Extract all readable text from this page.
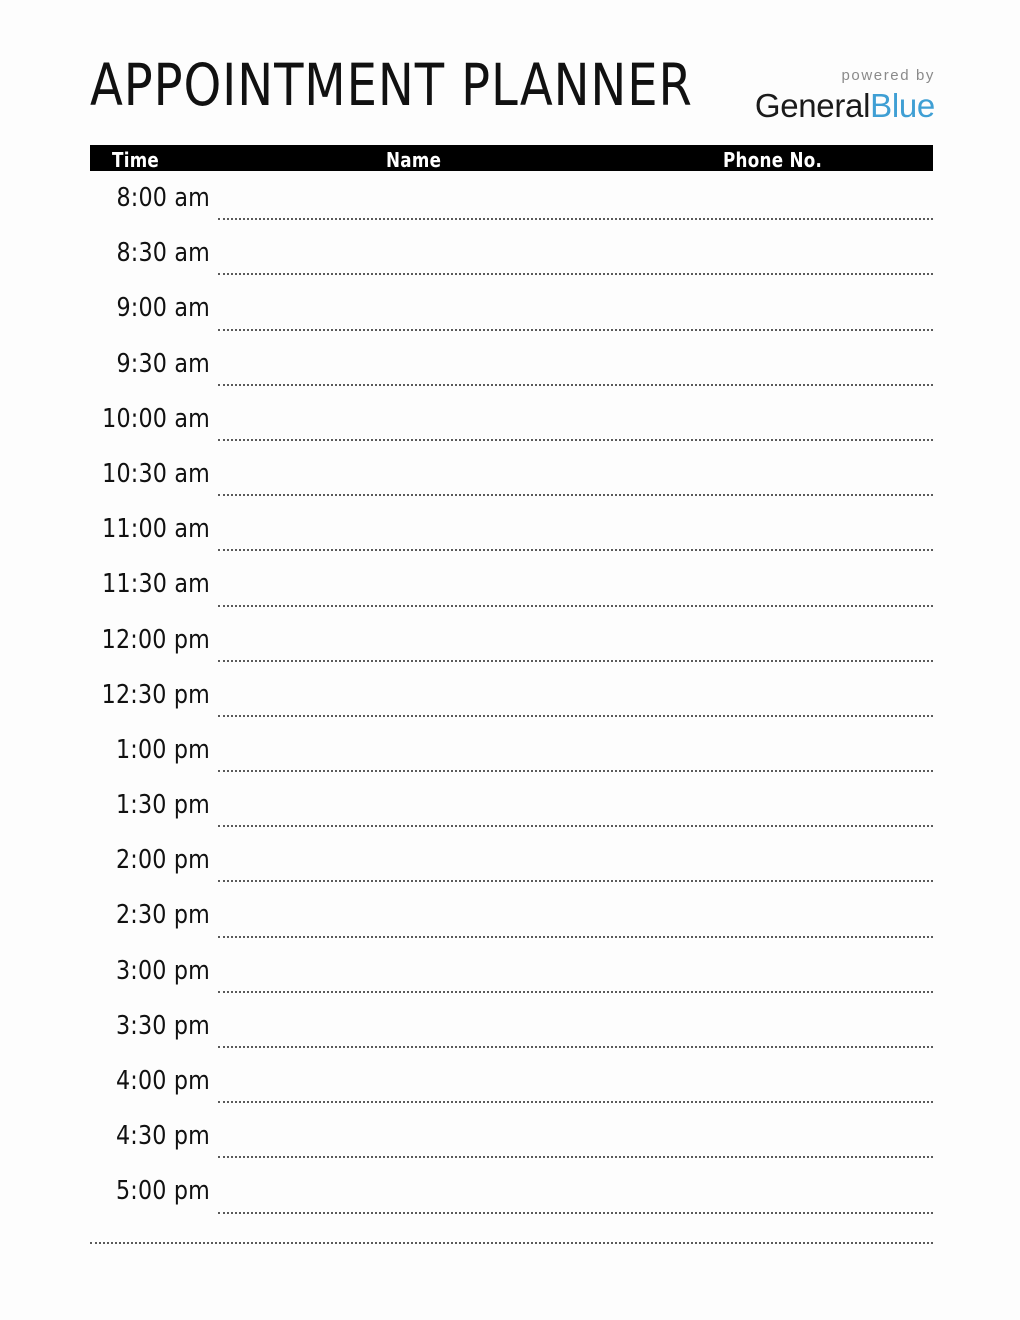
APPOINTMENT PLANNER	powered by
GeneralBlue
Time	Name	Phone No.
8:00 am
8:30 am
9:00 am
9:30 am
10:00 am
10:30 am
11:00 am
11:30 am
12:00 pm
12:30 pm
1:00 pm
1:30 pm
2:00 pm
2:30 pm
3:00 pm
3:30 pm
4:00 pm
4:30 pm
5:00 pm
